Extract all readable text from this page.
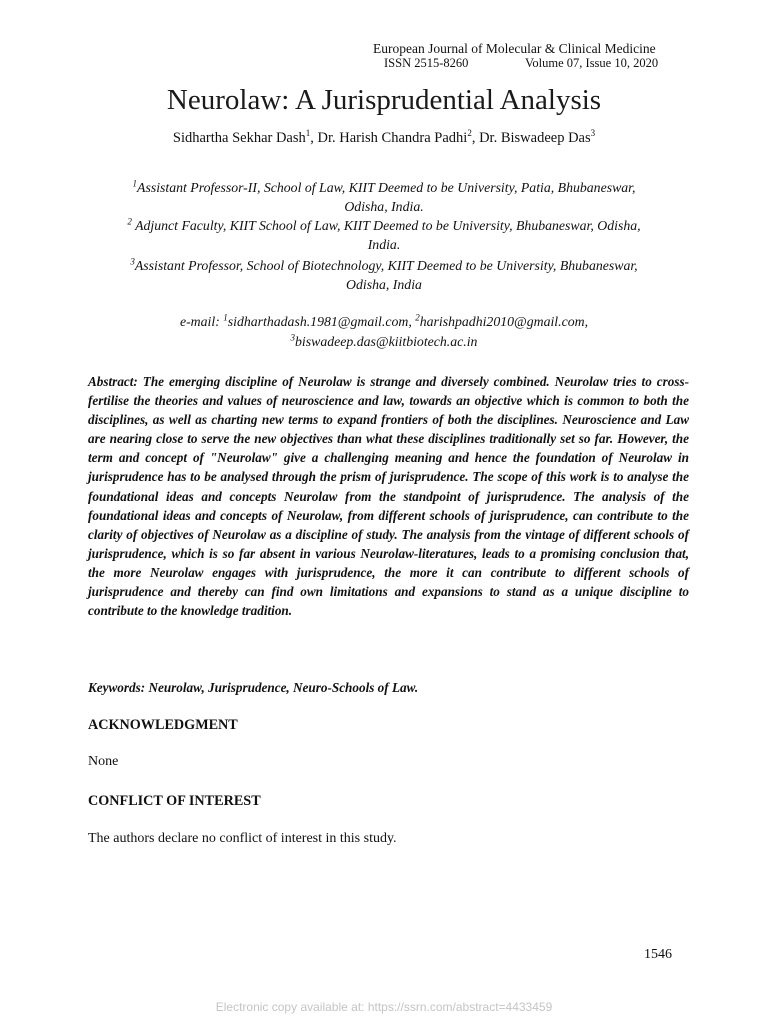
European Journal of Molecular & Clinical Medicine
ISSN 2515-8260	Volume 07, Issue 10, 2020
Neurolaw: A Jurisprudential Analysis
Sidhartha Sekhar Dash$^1$, Dr. Harish Chandra Padhi$^2$, Dr. Biswadeep Das$^3$
$^1$Assistant Professor-II, School of Law, KIIT Deemed to be University, Patia, Bhubaneswar,
Odisha, India.
$^2$ Adjunct Faculty, KIIT School of Law, KIIT Deemed to be University, Bhubaneswar, Odisha,
India.
$^3$Assistant Professor, School of Biotechnology, KIIT Deemed to be University, Bhubaneswar,
Odisha, India
e-mail: $^1$sidharthadash.1981@gmail.com, $^2$harishpadhi2010@gmail.com,
$^3$biswadeep.das@kiitbiotech.ac.in
Abstract: The emerging discipline of Neurolaw is strange and diversely combined. Neurolaw tries to cross-fertilise the theories and values of neuroscience and law, towards an objective which is common to both the disciplines, as well as charting new terms to expand frontiers of both the disciplines. Neuroscience and Law are nearing close to serve the new objectives than what these disciplines traditionally set so far. However, the term and concept of "Neurolaw" give a challenging meaning and hence the foundation of Neurolaw in jurisprudence has to be analysed through the prism of jurisprudence. The scope of this work is to analyse the foundational ideas and concepts Neurolaw from the standpoint of jurisprudence. The analysis of the foundational ideas and concepts of Neurolaw, from different schools of jurisprudence, can contribute to the clarity of objectives of Neurolaw as a discipline of study. The analysis from the vintage of different schools of jurisprudence, which is so far absent in various Neurolaw-literatures, leads to a promising conclusion that, the more Neurolaw engages with jurisprudence, the more it can contribute to different schools of jurisprudence and thereby can find own limitations and expansions to stand as a unique discipline to contribute to the knowledge tradition.
Keywords: Neurolaw, Jurisprudence, Neuro-Schools of Law.
ACKNOWLEDGMENT
None
CONFLICT OF INTEREST
The authors declare no conflict of interest in this study.
1546
Electronic copy available at: https://ssrn.com/abstract=4433459
